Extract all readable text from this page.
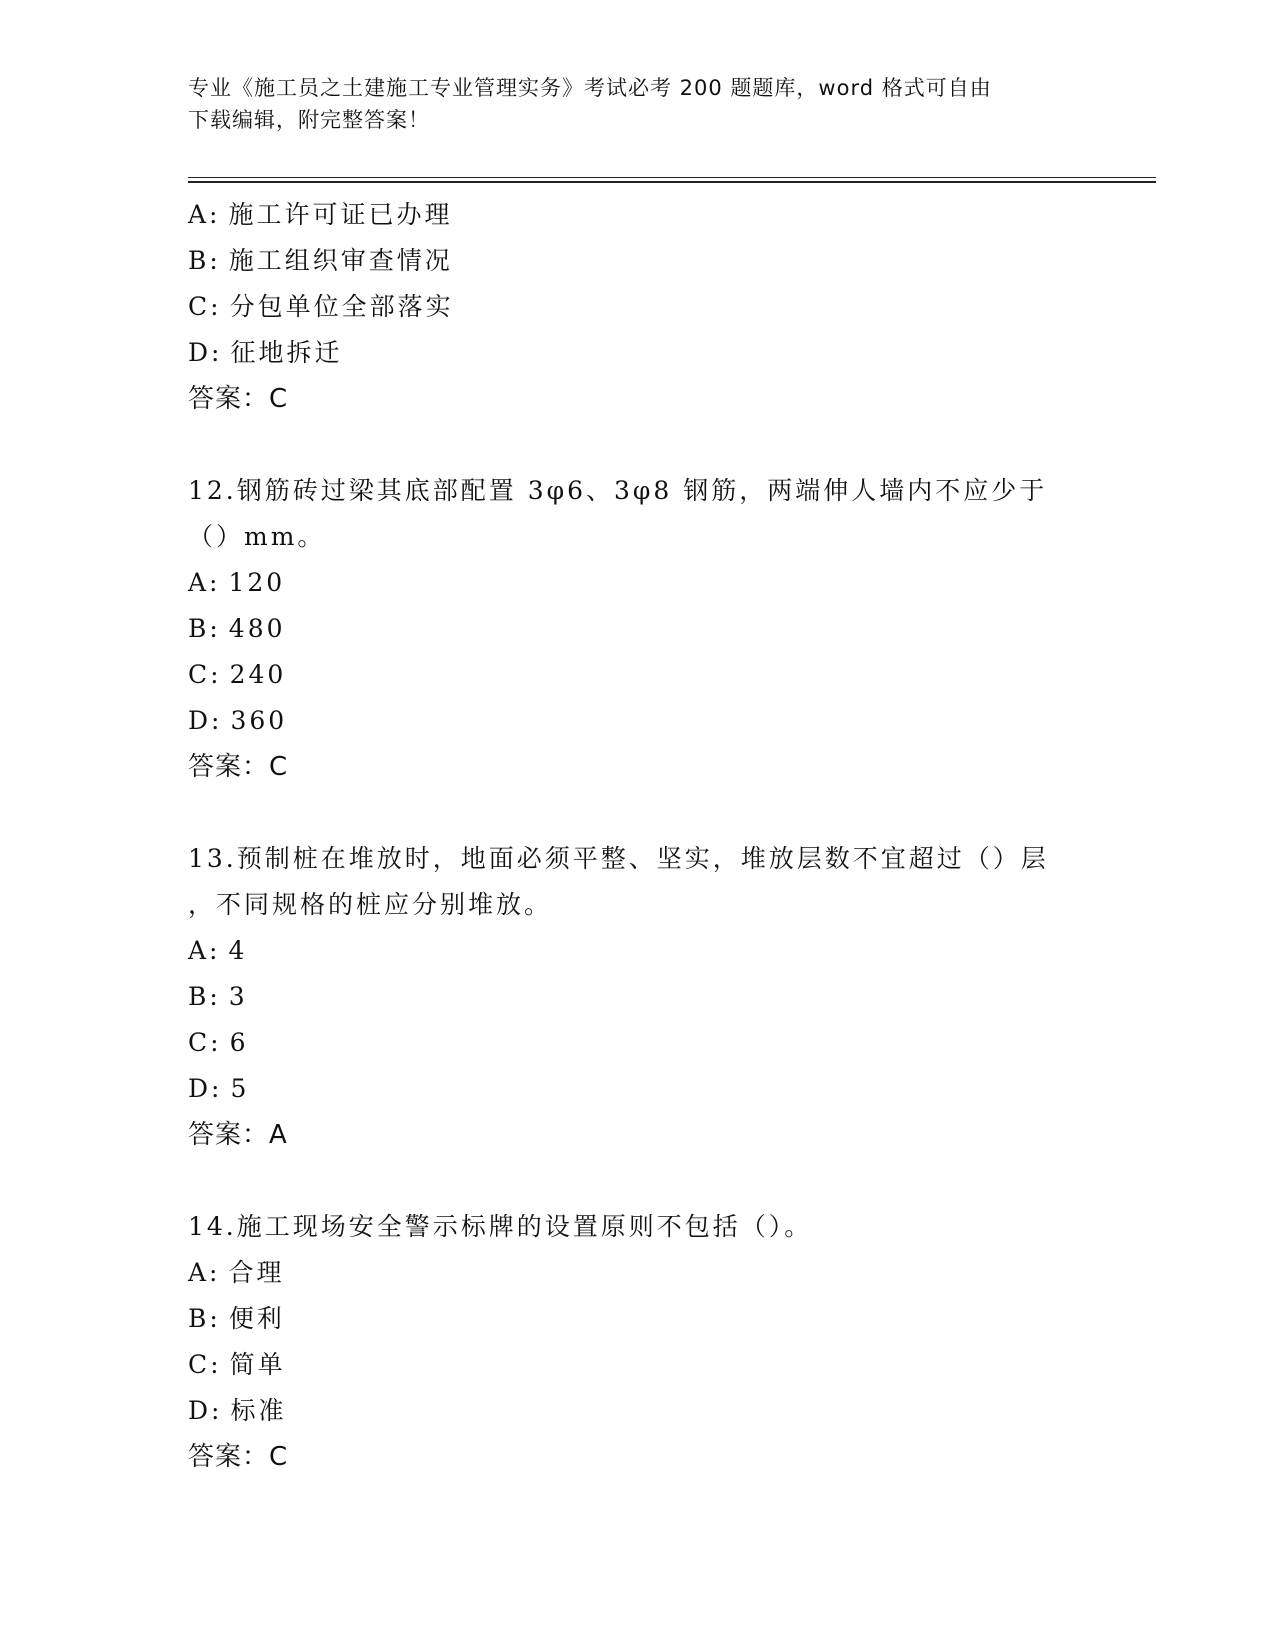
专业《施工员之土建施工专业管理实务》考试必考 200 题题库，word 格式可自由
下载编辑，附完整答案！
A: 施工许可证已办理
B: 施工组织审查情况
C: 分包单位全部落实
D: 征地拆迁
答案：C
12.钢筋砖过梁其底部配置 3φ6、3φ8 钢筋，两端伸人墙内不应少于
（）mm。
A: 120
B: 480
C: 240
D: 360
答案：C
13.预制桩在堆放时，地面必须平整、坚实，堆放层数不宜超过（）层
，不同规格的桩应分别堆放。
A: 4
B: 3
C: 6
D: 5
答案：A
14.施工现场安全警示标牌的设置原则不包括（）。
A: 合理
B: 便利
C: 简单
D: 标准
答案：C
